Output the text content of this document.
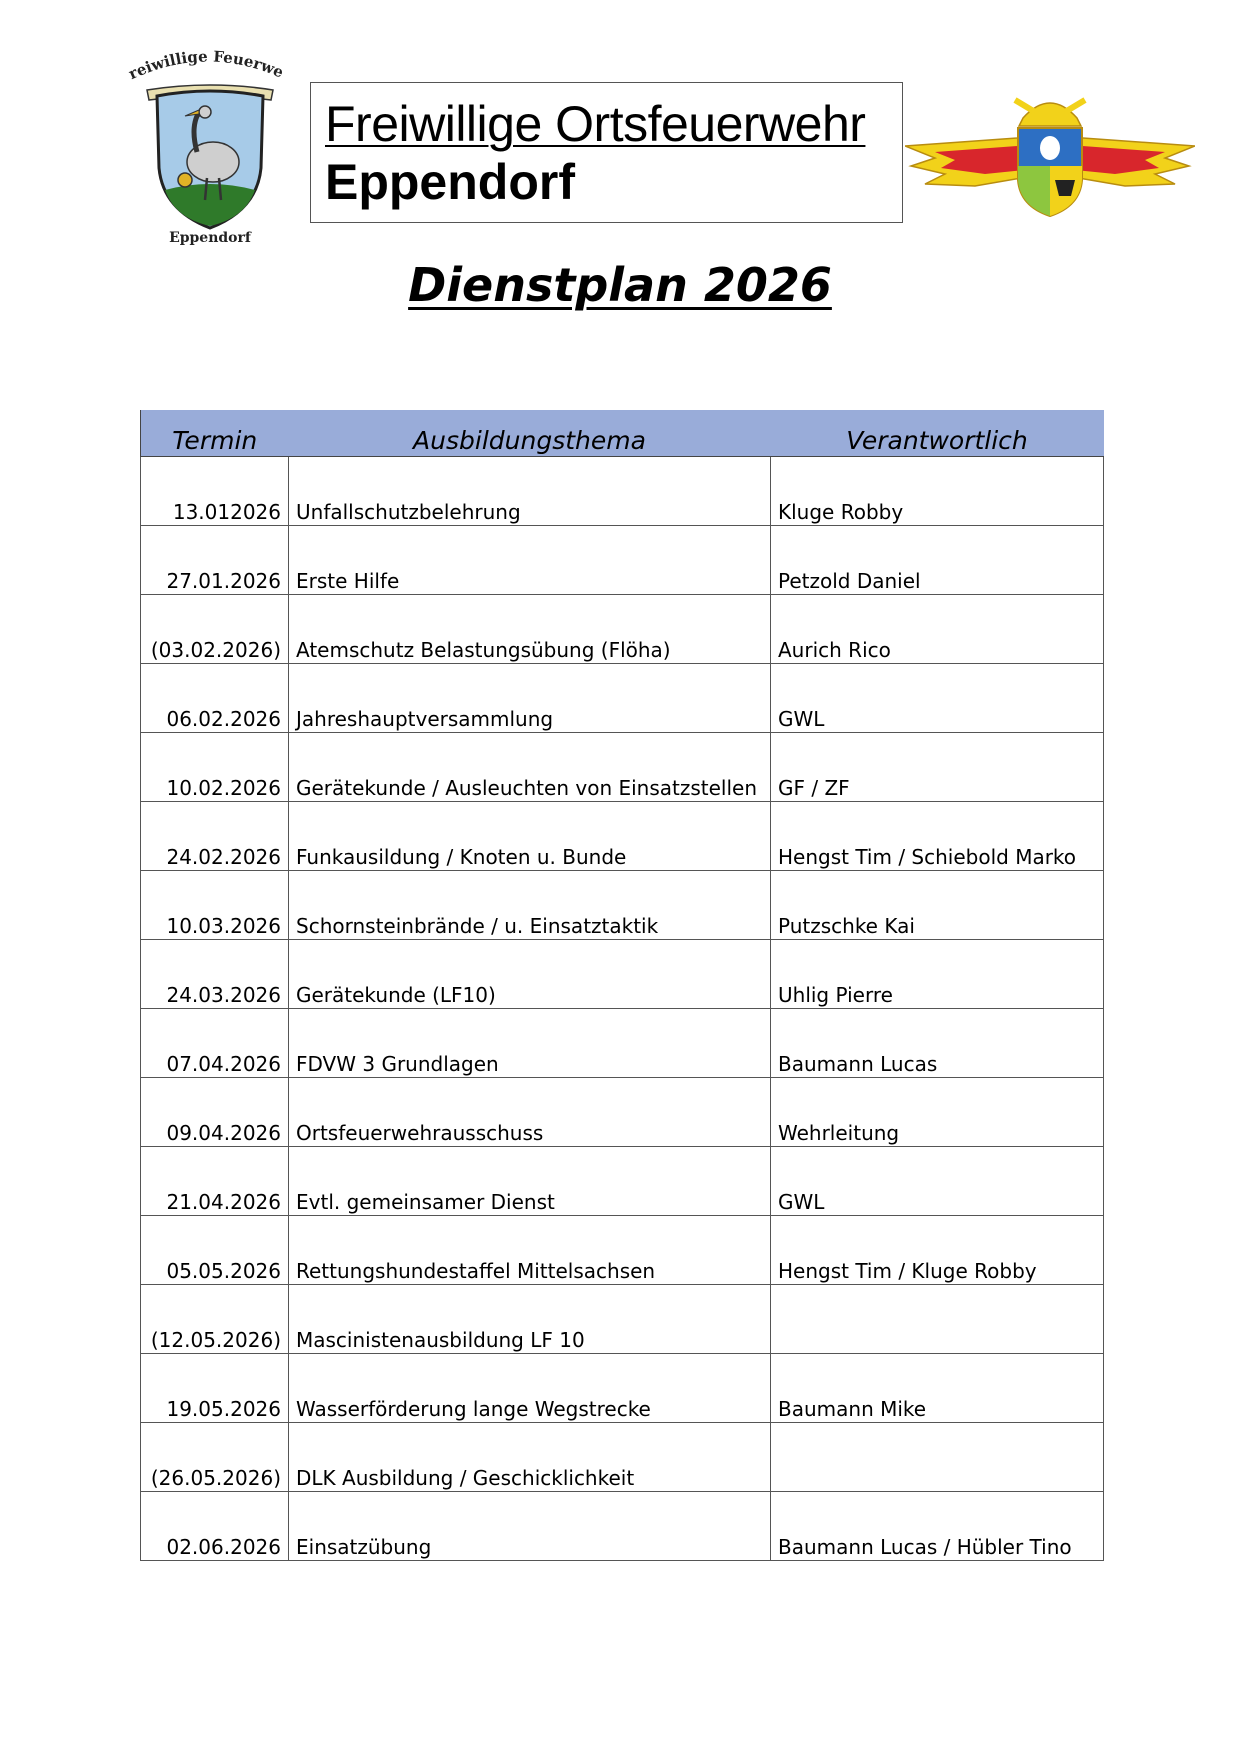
reiwillige Feuerwe
Eppendorf
Freiwillige Ortsfeuerwehr
Eppendorf
Dienstplan 2026
Termin	Ausbildungsthema	Verantwortlich
13.012026	Unfallschutzbelehrung	Kluge Robby
27.01.2026	Erste Hilfe	Petzold Daniel
(03.02.2026)	Atemschutz Belastungsübung (Flöha)	Aurich Rico
06.02.2026	Jahreshauptversammlung	GWL
10.02.2026	Gerätekunde / Ausleuchten von Einsatzstellen	GF / ZF
24.02.2026	Funkausildung / Knoten u. Bunde	Hengst Tim / Schiebold Marko
10.03.2026	Schornsteinbrände / u. Einsatztaktik	Putzschke Kai
24.03.2026	Gerätekunde (LF10)	Uhlig Pierre
07.04.2026	FDVW 3 Grundlagen	Baumann Lucas
09.04.2026	Ortsfeuerwehrausschuss	Wehrleitung
21.04.2026	Evtl. gemeinsamer Dienst	GWL
05.05.2026	Rettungshundestaffel Mittelsachsen	Hengst Tim / Kluge Robby
(12.05.2026)	Mascinistenausbildung LF 10	
19.05.2026	Wasserförderung lange Wegstrecke	Baumann Mike
(26.05.2026)	DLK Ausbildung / Geschicklichkeit	
02.06.2026	Einsatzübung	Baumann Lucas / Hübler Tino
